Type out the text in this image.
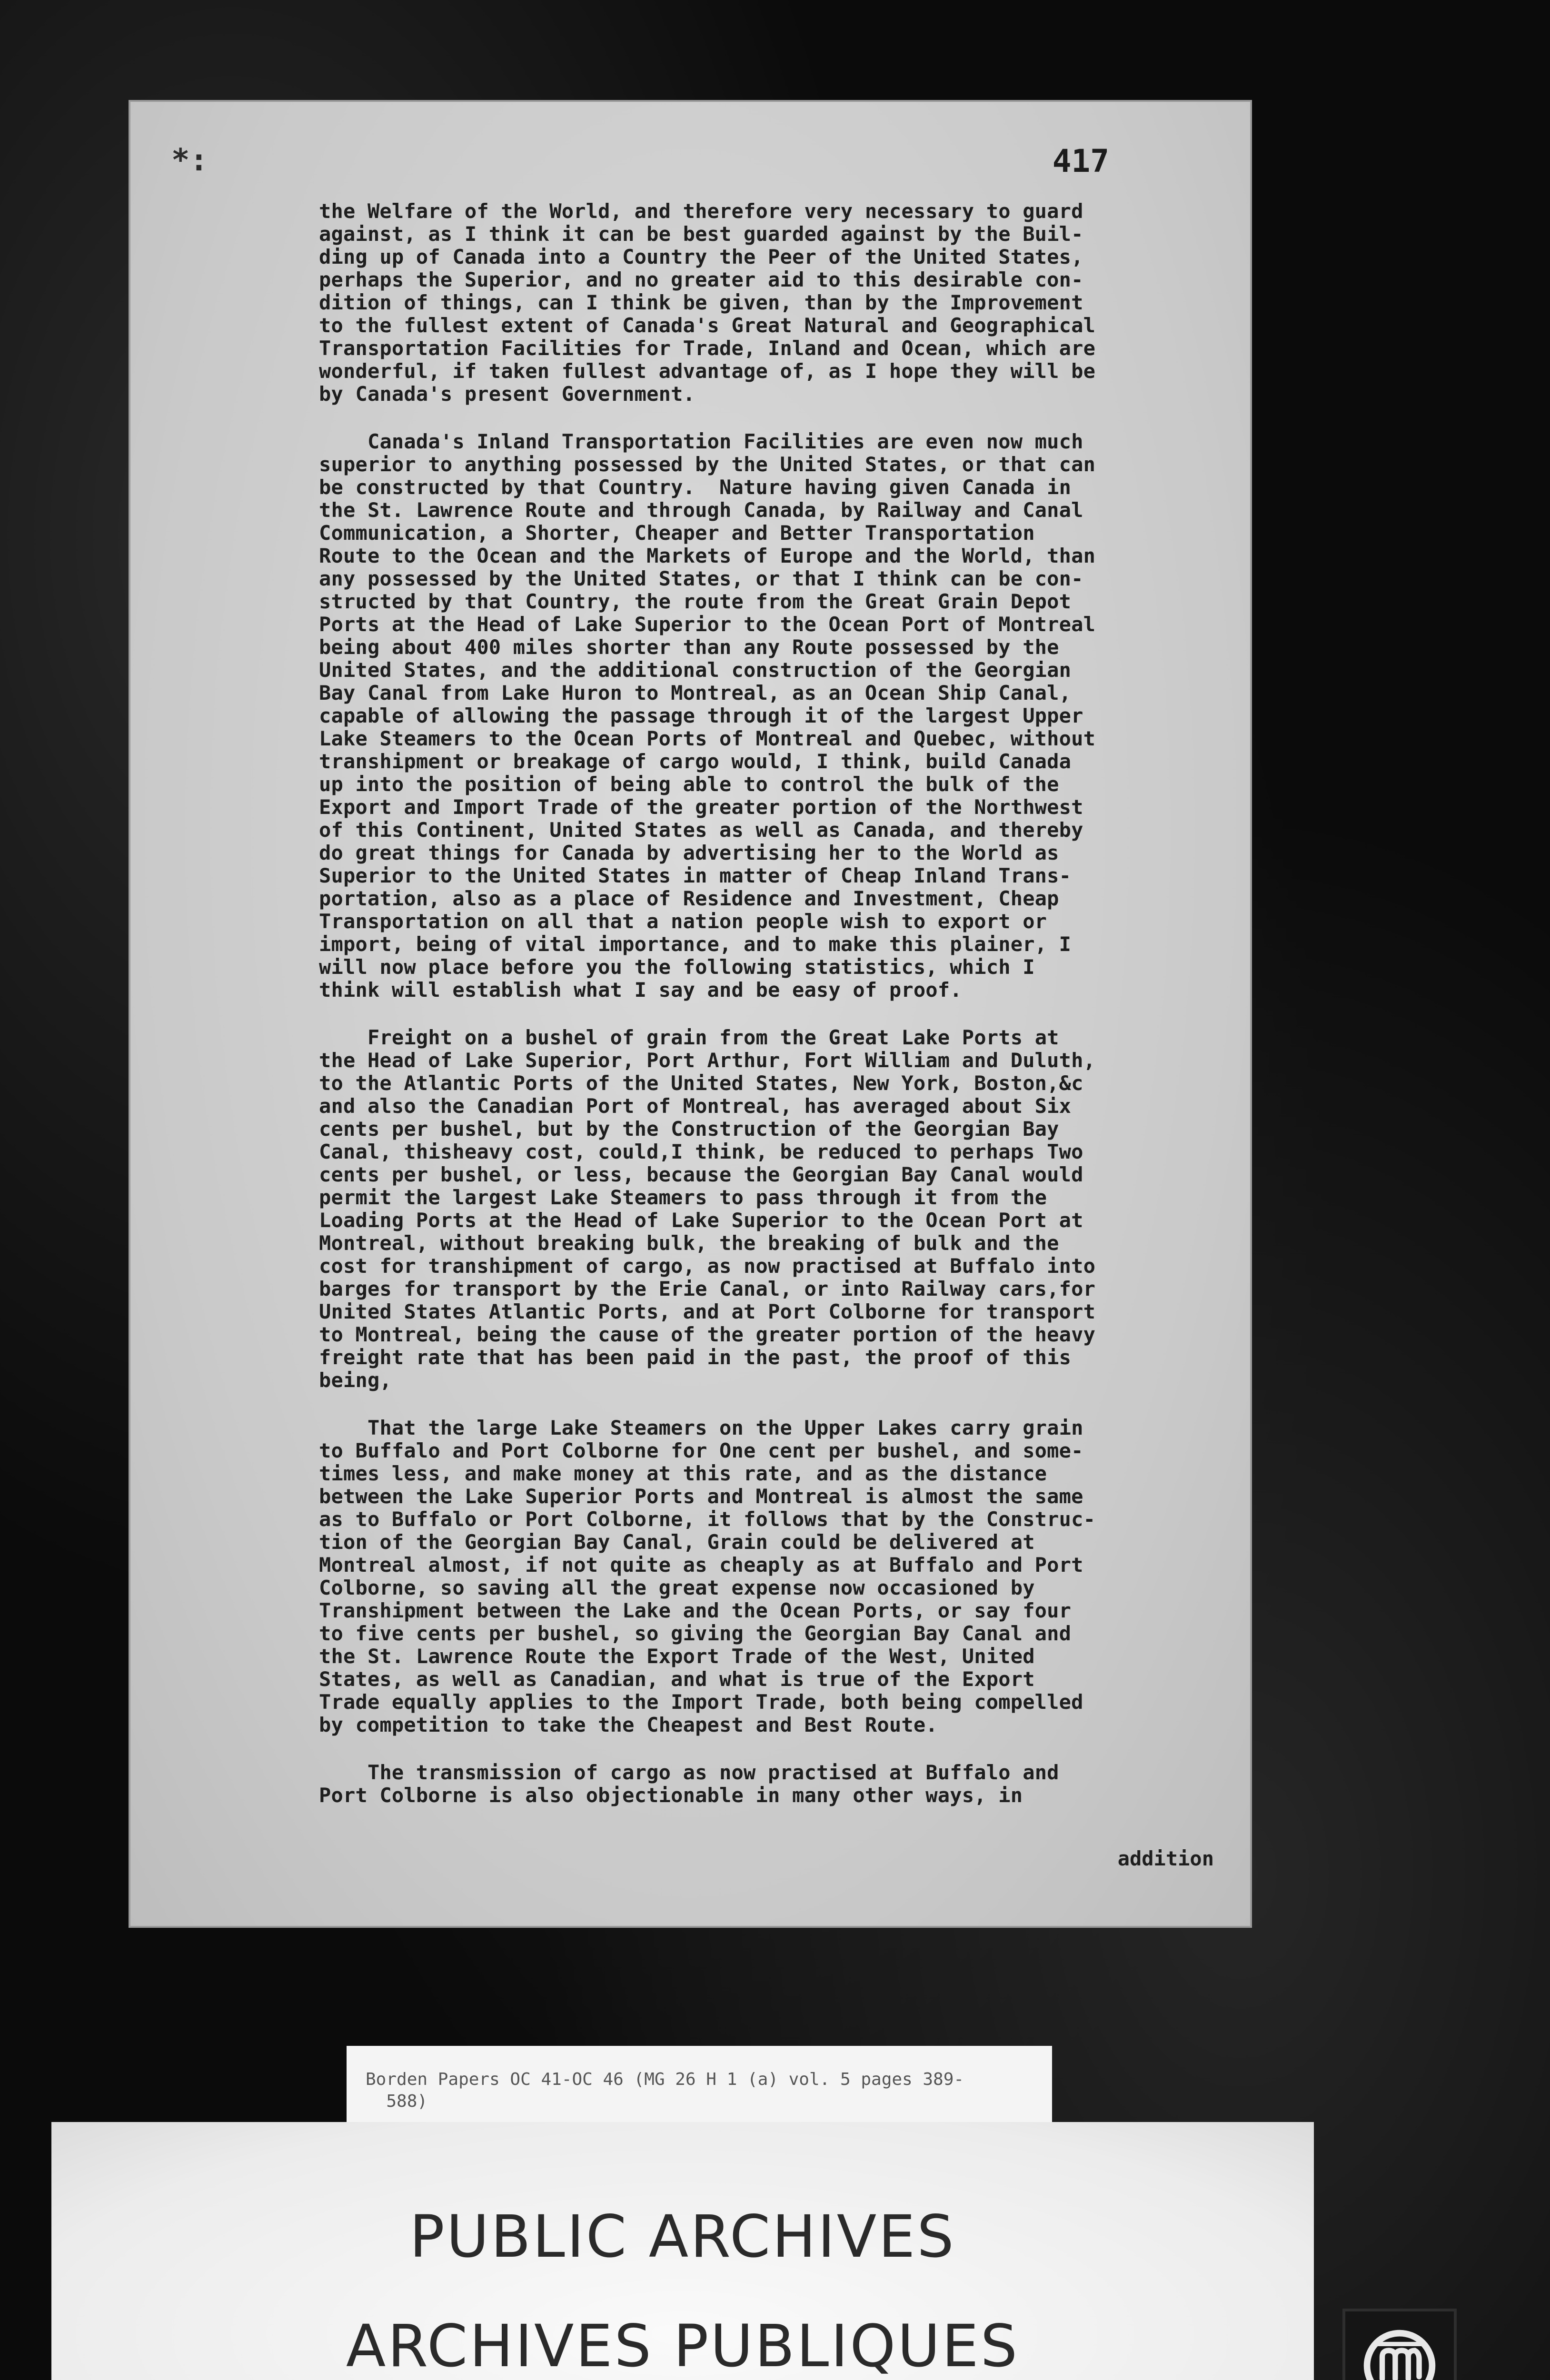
*:	417

the Welfare of the World, and therefore very necessary to guard
against, as I think it can be best guarded against by the Buil-
ding up of Canada into a Country the Peer of the United States,
perhaps the Superior, and no greater aid to this desirable con-
dition of things, can I think be given, than by the Improvement
to the fullest extent of Canada's Great Natural and Geographical
Transportation Facilities for Trade, Inland and Ocean, which are
wonderful, if taken fullest advantage of, as I hope they will be
by Canada's present Government.

Canada's Inland Transportation Facilities are even now much
superior to anything possessed by the United States, or that can
be constructed by that Country.  Nature having given Canada in
the St. Lawrence Route and through Canada, by Railway and Canal
Communication, a Shorter, Cheaper and Better Transportation
Route to the Ocean and the Markets of Europe and the World, than
any possessed by the United States, or that I think can be con-
structed by that Country, the route from the Great Grain Depot
Ports at the Head of Lake Superior to the Ocean Port of Montreal
being about 400 miles shorter than any Route possessed by the
United States, and the additional construction of the Georgian
Bay Canal from Lake Huron to Montreal, as an Ocean Ship Canal,
capable of allowing the passage through it of the largest Upper
Lake Steamers to the Ocean Ports of Montreal and Quebec, without
transhipment or breakage of cargo would, I think, build Canada
up into the position of being able to control the bulk of the
Export and Import Trade of the greater portion of the Northwest
of this Continent, United States as well as Canada, and thereby
do great things for Canada by advertising her to the World as
Superior to the United States in matter of Cheap Inland Trans-
portation, also as a place of Residence and Investment, Cheap
Transportation on all that a nation people wish to export or
import, being of vital importance, and to make this plainer, I
will now place before you the following statistics, which I
think will establish what I say and be easy of proof.

Freight on a bushel of grain from the Great Lake Ports at
the Head of Lake Superior, Port Arthur, Fort William and Duluth,
to the Atlantic Ports of the United States, New York, Boston,&c
and also the Canadian Port of Montreal, has averaged about Six
cents per bushel, but by the Construction of the Georgian Bay
Canal, thisheavy cost, could,I think, be reduced to perhaps Two
cents per bushel, or less, because the Georgian Bay Canal would
permit the largest Lake Steamers to pass through it from the
Loading Ports at the Head of Lake Superior to the Ocean Port at
Montreal, without breaking bulk, the breaking of bulk and the
cost for transhipment of cargo, as now practised at Buffalo into
barges for transport by the Erie Canal, or into Railway cars,for
United States Atlantic Ports, and at Port Colborne for transport
to Montreal, being the cause of the greater portion of the heavy
freight rate that has been paid in the past, the proof of this
being,

That the large Lake Steamers on the Upper Lakes carry grain
to Buffalo and Port Colborne for One cent per bushel, and some-
times less, and make money at this rate, and as the distance
between the Lake Superior Ports and Montreal is almost the same
as to Buffalo or Port Colborne, it follows that by the Construc-
tion of the Georgian Bay Canal, Grain could be delivered at
Montreal almost, if not quite as cheaply as at Buffalo and Port
Colborne, so saving all the great expense now occasioned by
Transhipment between the Lake and the Ocean Ports, or say four
to five cents per bushel, so giving the Georgian Bay Canal and
the St. Lawrence Route the Export Trade of the West, United
States, as well as Canadian, and what is true of the Export
Trade equally applies to the Import Trade, both being compelled
by competition to take the Cheapest and Best Route.

The transmission of cargo as now practised at Buffalo and
Port Colborne is also objectionable in many other ways, in

addition
Borden Papers OC 41-OC 46 (MG 26 H 1 (a) vol. 5 pages 389-
588)
PUBLIC ARCHIVES
ARCHIVES PUBLIQUES
